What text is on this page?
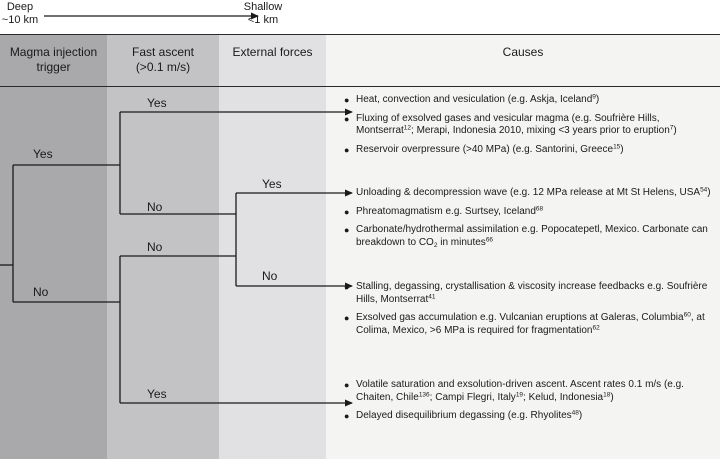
Deep
~10 km
Shallow
<1 km
Magma injection
trigger
Fast ascent
(>0.1 m/s)
External forces	Causes
Yes
No
Yes
No
No
Yes
Yes
No
● Heat, convection and vesiculation (e.g. Askja, Iceland$^9$)
● Fluxing of exsolved gases and vesicular magma (e.g. Soufrière Hills, Montserrat$^{12}$; Merapi, Indonesia 2010, mixing <3 years prior to eruption$^7$)
● Reservoir overpressure (>40 MPa) (e.g. Santorini, Greece$^{15}$)
● Unloading & decompression wave (e.g. 12 MPa release at Mt St Helens, USA$^{54}$)
● Phreatomagmatism e.g. Surtsey, Iceland$^{68}$
● Carbonate/hydrothermal assimilation e.g. Popocatepetl, Mexico. Carbonate can breakdown to $CO_2$ in minutes$^{66}$
● Stalling, degassing, crystallisation & viscosity increase feedbacks e.g. Soufrière Hills, Montserrat$^{41}$
● Exsolved gas accumulation e.g. Vulcanian eruptions at Galeras, Columbia$^{60}$, at Colima, Mexico, >6 MPa is required for fragmentation$^{62}$
● Volatile saturation and exsolution-driven ascent. Ascent rates 0.1 m/s (e.g. Chaiten, Chile$^{136}$; Campi Flegri, Italy$^{19}$; Kelud, Indonesia$^{18}$)
● Delayed disequilibrium degassing (e.g. Rhyolites$^{48}$)
